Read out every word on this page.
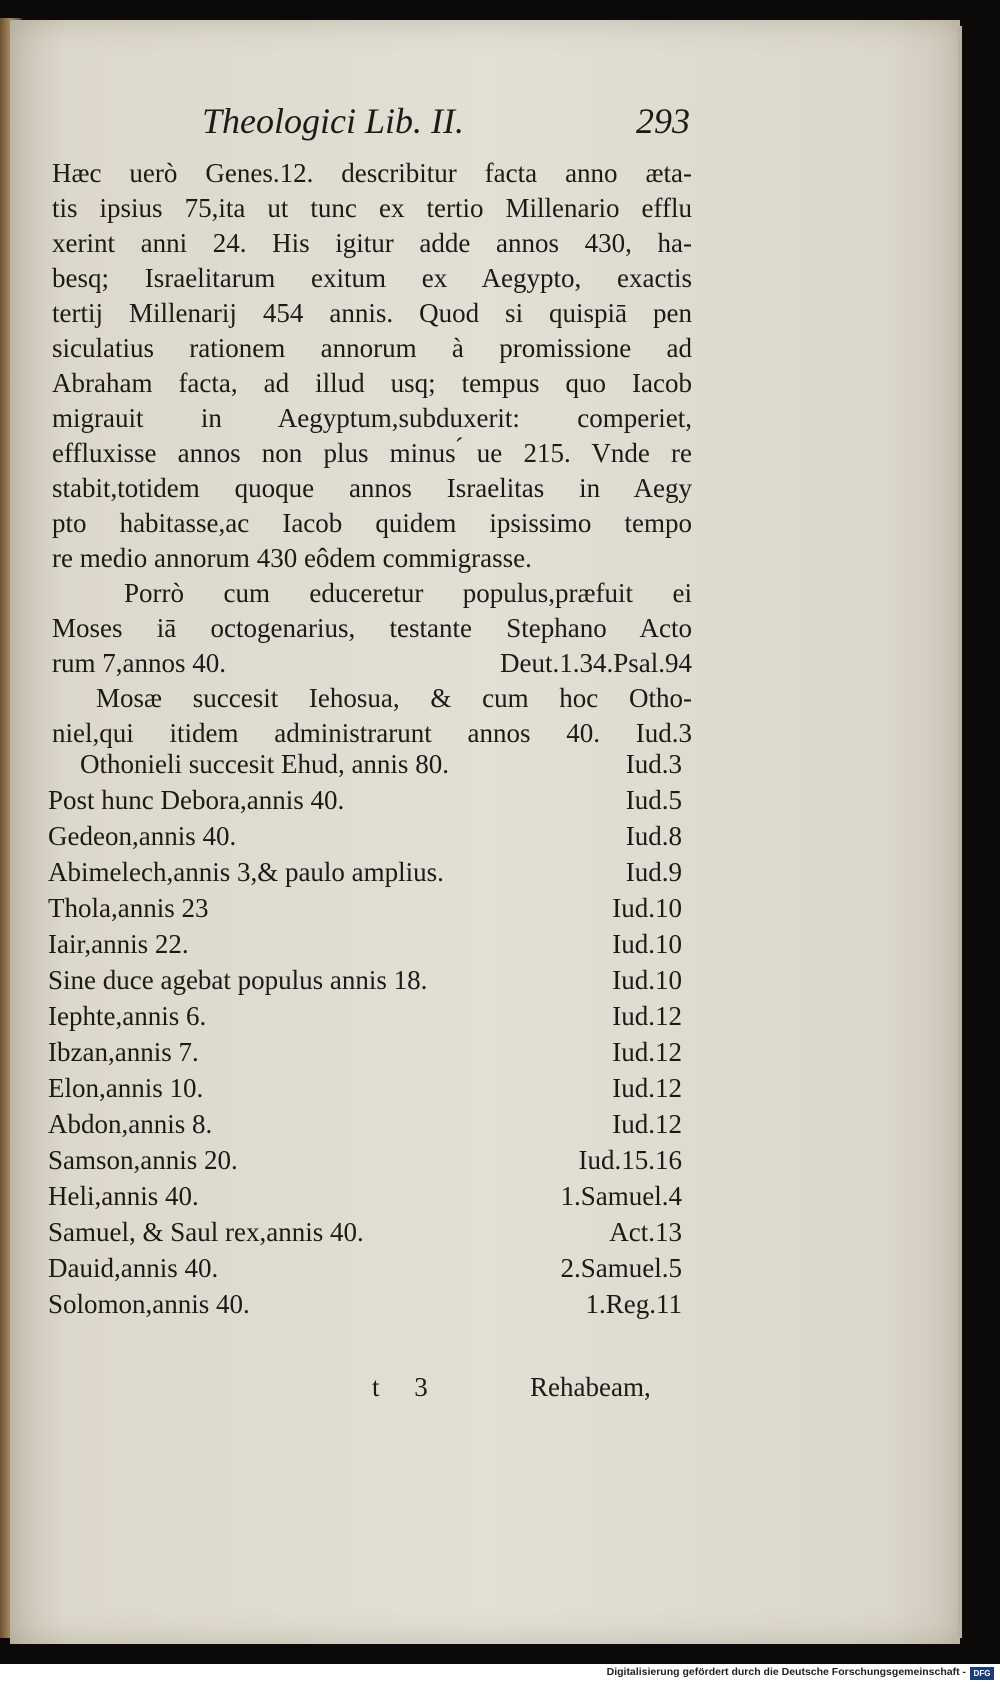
Theologici Lib. II.	293
Hæc uerò Genes.12. describitur facta anno æta-
tis ipsius 75,ita ut tunc ex tertio Millenario efflu
xerint anni 24. His igitur adde annos 430, ha-
besq; Israelitarum exitum ex Aegypto, exactis
tertij Millenarij 454 annis. Quod si quispiā pen
siculatius rationem annorum à promissione ad
Abraham facta, ad illud usq; tempus quo Iacob
migrauit in Aegyptum,subduxerit: comperiet,
effluxisse annos non plus minus ́ue 215. Vnde re
stabit,totidem quoque annos Israelitas in Aegy
pto habitasse,ac Iacob quidem ipsissimo tempo
re medio annorum 430 eôdem commigrasse.
Porrò cum educeretur populus,præfuit ei
Moses iā octogenarius, testante Stephano Acto
rum 7,annos 40.	Deut.1.34.Psal.94
Mosæ succesit Iehosua, & cum hoc Otho-
niel,qui itidem administrarunt annos 40. Iud.3
Othonieli succesit Ehud, annis 80.	Iud.3
Post hunc Debora,annis 40.	Iud.5
Gedeon,annis 40.	Iud.8
Abimelech,annis 3,& paulo amplius.	Iud.9
Thola,annis 23	Iud.10
Iair,annis 22.	Iud.10
Sine duce agebat populus annis 18.	Iud.10
Iephte,annis 6.	Iud.12
Ibzan,annis 7.	Iud.12
Elon,annis 10.	Iud.12
Abdon,annis 8.	Iud.12
Samson,annis 20.	Iud.15.16
Heli,annis 40.	1.Samuel.4
Samuel, & Saul rex,annis 40.	Act.13
Dauid,annis 40.	2.Samuel.5
Solomon,annis 40.	1.Reg.11
t 3	Rehabeam,
Digitalisierung gefördert durch die Deutsche Forschungsgemeinschaft - DFG
